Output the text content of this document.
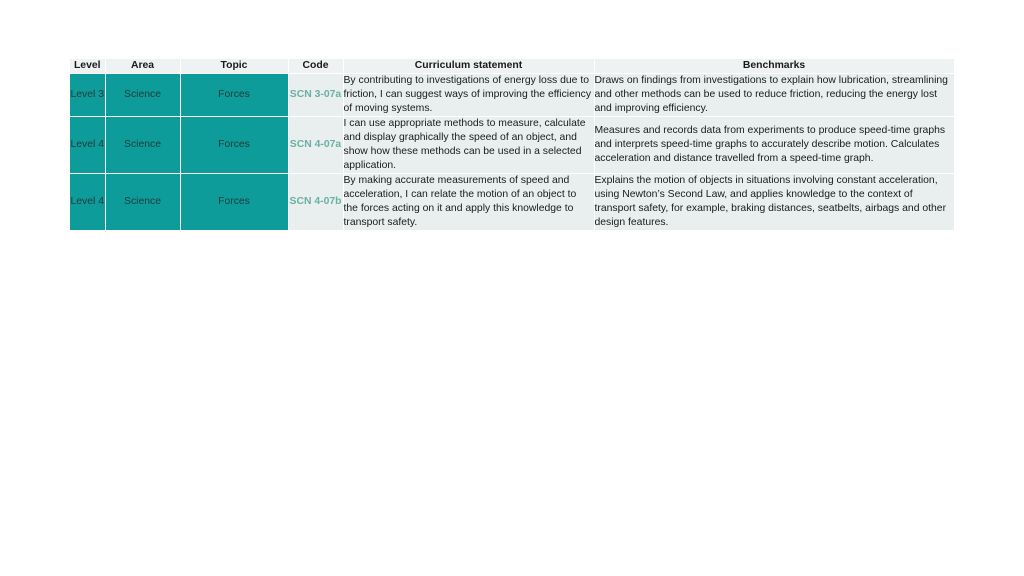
Level	Area	Topic	Code	Curriculum statement	Benchmarks
Level 3	Science	Forces	SCN 3-07a	By contributing to investigations of energy loss due to friction, I can suggest ways of improving the efficiency of moving systems.	Draws on findings from investigations to explain how lubrication, streamlining and other methods can be used to reduce friction, reducing the energy lost and improving efficiency.
Level 4	Science	Forces	SCN 4-07a	I can use appropriate methods to measure, calculate and display graphically the speed of an object, and show how these methods can be used in a selected application.	Measures and records data from experiments to produce speed-time graphs and interprets speed-time graphs to accurately describe motion. Calculates acceleration and distance travelled from a speed-time graph.
Level 4	Science	Forces	SCN 4-07b	By making accurate measurements of speed and acceleration, I can relate the motion of an object to the forces acting on it and apply this knowledge to transport safety.	Explains the motion of objects in situations involving constant acceleration, using Newton’s Second Law, and applies knowledge to the context of transport safety, for example, braking distances, seatbelts, airbags and other design features.
